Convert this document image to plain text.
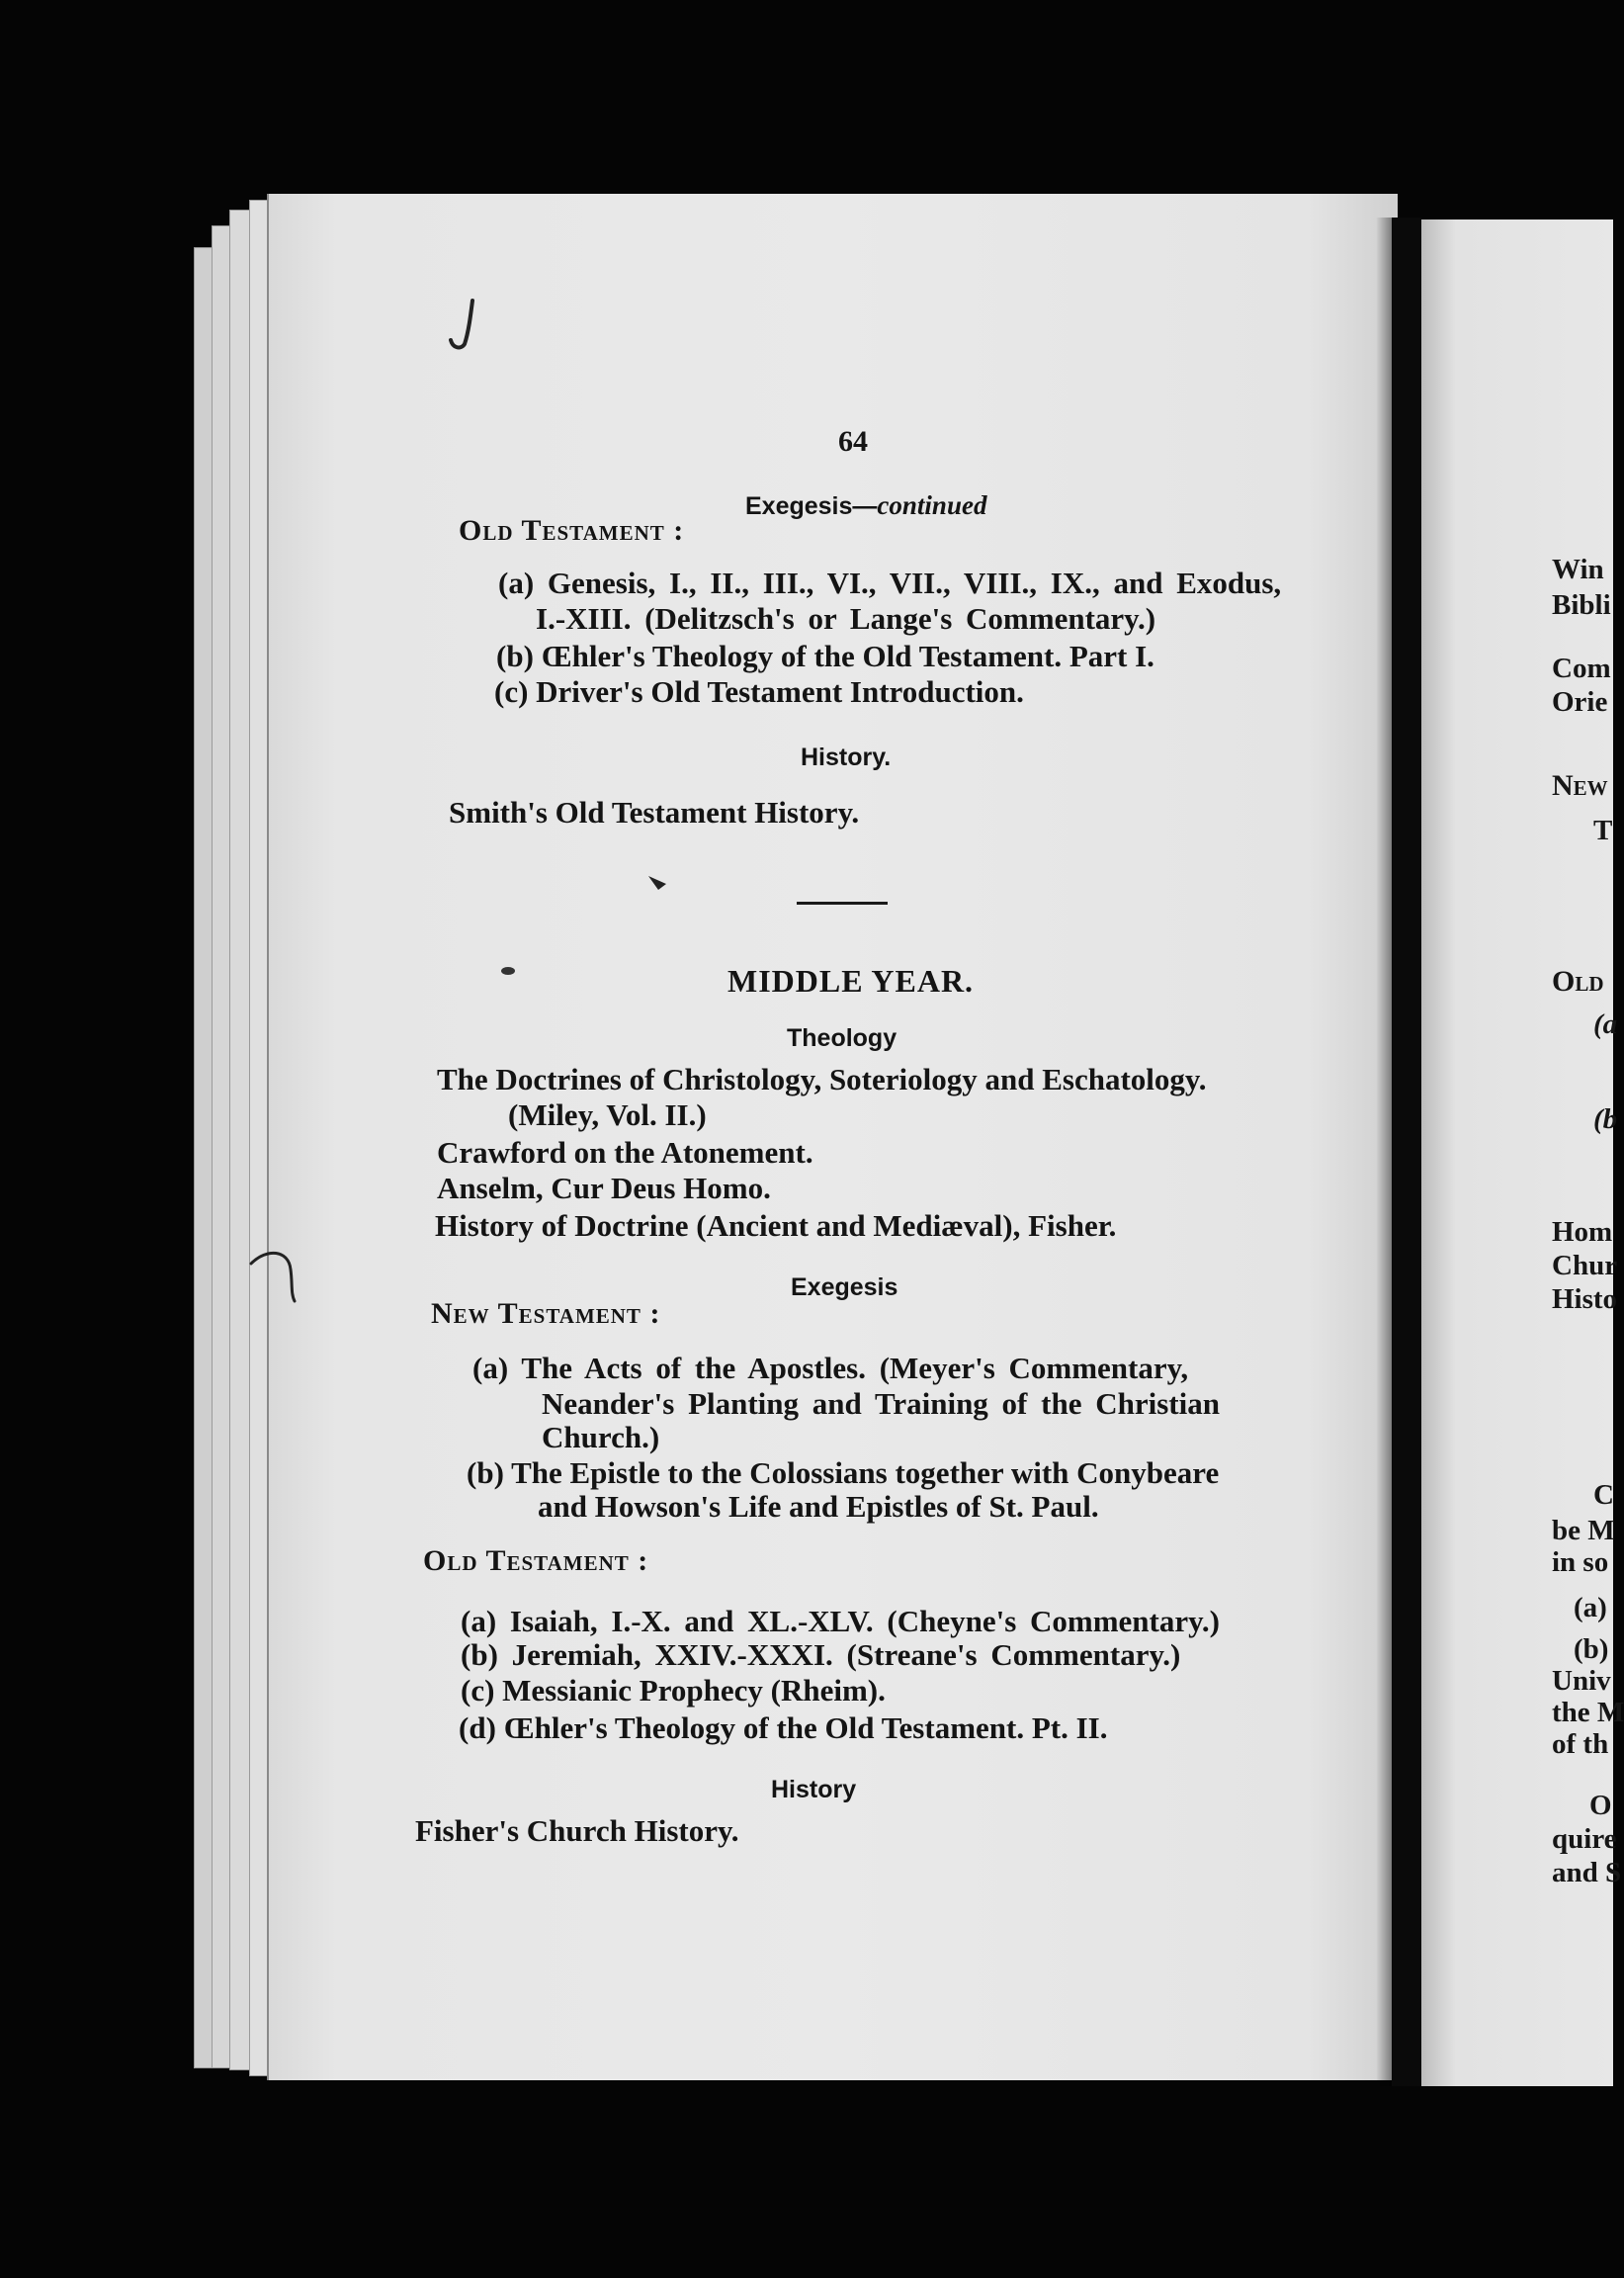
Win
Bibli
Com
Orie
New
T
Old
(a
(b
Hom
Chur
Histo
C
be M
in so
(a)
(b)
Univ
the M
of th
O
quire
and S
64
Exegesis—continued
Old Testament :
(a) Genesis, I., II., III., VI., VII., VIII., IX., and Exodus,
I.-XIII. (Delitzsch's or Lange's Commentary.)
(b) Œhler's Theology of the Old Testament. Part I.
(c) Driver's Old Testament Introduction.
History.
Smith's Old Testament History.
MIDDLE YEAR.
Theology
The Doctrines of Christology, Soteriology and Eschatology.
(Miley, Vol. II.)
Crawford on the Atonement.
Anselm, Cur Deus Homo.
History of Doctrine (Ancient and Mediæval), Fisher.
Exegesis
New Testament :
(a) The Acts of the Apostles. (Meyer's Commentary,
Neander's Planting and Training of the Christian
Church.)
(b) The Epistle to the Colossians together with Conybeare
and Howson's Life and Epistles of St. Paul.
Old Testament :
(a) Isaiah, I.-X. and XL.-XLV. (Cheyne's Commentary.)
(b) Jeremiah, XXIV.-XXXI. (Streane's Commentary.)
(c) Messianic Prophecy (Rheim).
(d) Œhler's Theology of the Old Testament. Pt. II.
History
Fisher's Church History.
